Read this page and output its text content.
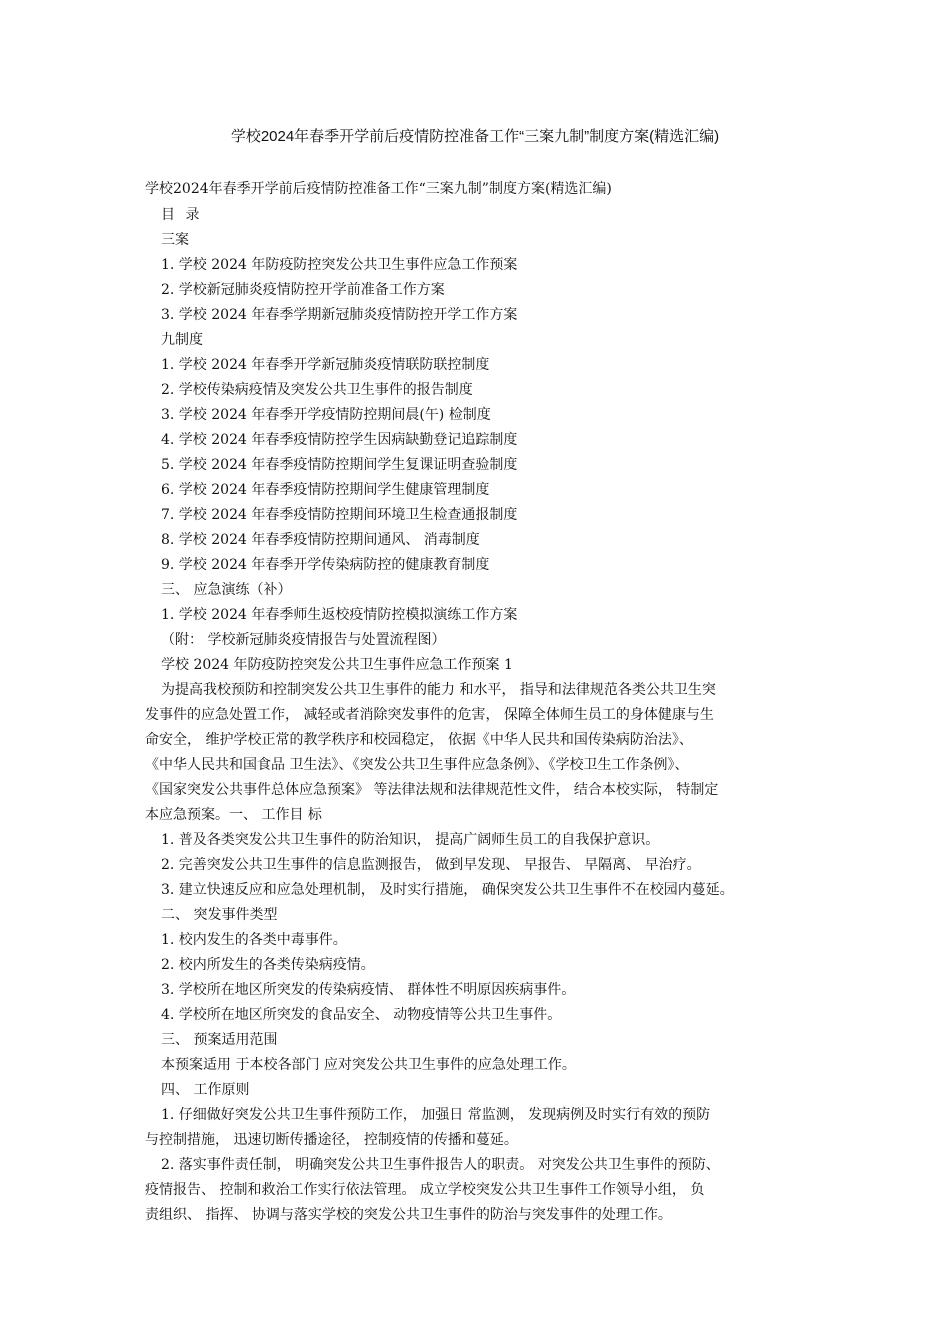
学校2024年春季开学前后疫情防控准备工作“三案九制”制度方案(精选汇编)
学校2024年春季开学前后疫情防控准备工作“三案九制”制度方案(精选汇编)
目 录
三案
1. 学校 2024 年防疫防控突发公共卫生事件应急工作预案
2. 学校新冠肺炎疫情防控开学前准备工作方案
3. 学校 2024 年春季学期新冠肺炎疫情防控开学工作方案
九制度
1. 学校 2024 年春季开学新冠肺炎疫情联防联控制度
2. 学校传染病疫情及突发公共卫生事件的报告制度
3. 学校 2024 年春季开学疫情防控期间晨(午) 检制度
4. 学校 2024 年春季疫情防控学生因病缺勤登记追踪制度
5. 学校 2024 年春季疫情防控期间学生复课证明查验制度
6. 学校 2024 年春季疫情防控期间学生健康管理制度
7. 学校 2024 年春季疫情防控期间环境卫生检查通报制度
8. 学校 2024 年春季疫情防控期间通风、 消毒制度
9. 学校 2024 年春季开学传染病防控的健康教育制度
三、 应急演练（补）
1. 学校 2024 年春季师生返校疫情防控模拟演练工作方案
（附： 学校新冠肺炎疫情报告与处置流程图）
学校 2024 年防疫防控突发公共卫生事件应急工作预案 1
为提高我校预防和控制突发公共卫生事件的能力 和水平， 指导和法律规范各类公共卫生突
发事件的应急处置工作， 减轻或者消除突发事件的危害， 保障全体师生员工的身体健康与生
命安全， 维护学校正常的教学秩序和校园稳定， 依据《中华人民共和国传染病防治法》、
《中华人民共和国食品 卫生法》、《突发公共卫生事件应急条例》、《学校卫生工作条例》、
《国家突发公共事件总体应急预案》 等法律法规和法律规范性文件， 结合本校实际， 特制定
本应急预案。一、 工作目 标
1. 普及各类突发公共卫生事件的防治知识， 提高广阔师生员工的自我保护意识。
2. 完善突发公共卫生事件的信息监测报告， 做到早发现、 早报告、 早隔离、 早治疗。
3. 建立快速反应和应急处理机制， 及时实行措施， 确保突发公共卫生事件不在校园内蔓延。
二、 突发事件类型
1. 校内发生的各类中毒事件。
2. 校内所发生的各类传染病疫情。
3. 学校所在地区所突发的传染病疫情、 群体性不明原因疾病事件。
4. 学校所在地区所突发的食品安全、 动物疫情等公共卫生事件。
三、 预案适用范围
本预案适用 于本校各部门 应对突发公共卫生事件的应急处理工作。
四、 工作原则
1. 仔细做好突发公共卫生事件预防工作， 加强日 常监测， 发现病例及时实行有效的预防
与控制措施， 迅速切断传播途径， 控制疫情的传播和蔓延。
2. 落实事件责任制， 明确突发公共卫生事件报告人的职责。 对突发公共卫生事件的预防、
疫情报告、 控制和救治工作实行依法管理。 成立学校突发公共卫生事件工作领导小组， 负
责组织、 指挥、 协调与落实学校的突发公共卫生事件的防治与突发事件的处理工作。
